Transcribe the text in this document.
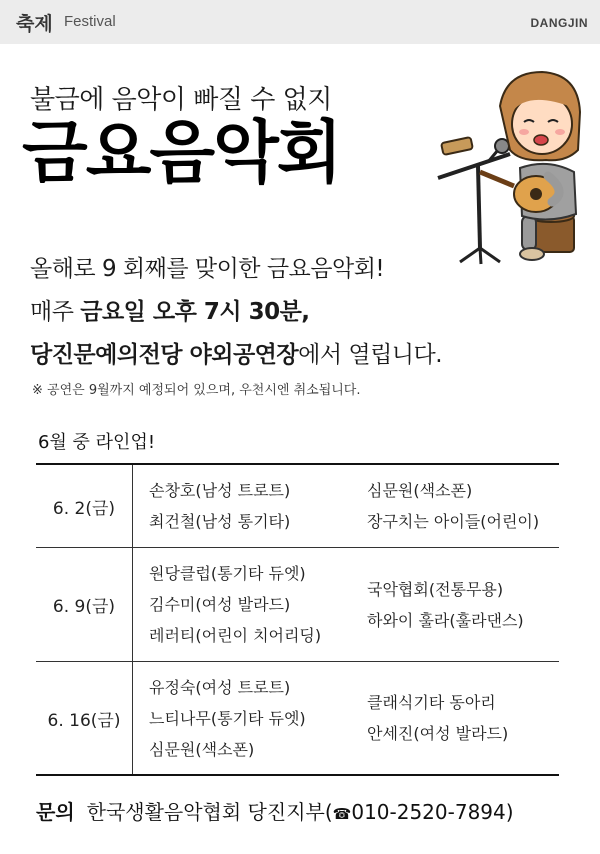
축제 Festival	DANGJIN
불금에 음악이 빠질 수 없지
금요음악회
올해로 9 회째를 맞이한 금요음악회!
매주 금요일 오후 7시 30분,
당진문예의전당 야외공연장에서 열립니다.
※ 공연은 9월까지 예정되어 있으며, 우천시엔 취소됩니다.
6월 중 라인업!
6. 2(금)
손창호(남성 트로트)
최건철(남성 통기타)
심문원(색소폰)
장구치는 아이들(어린이)
6. 9(금)
원당클럽(통기타 듀엣)
김수미(여성 발라드)
레러티(어린이 치어리딩)
국악협회(전통무용)
하와이 훌라(훌라댄스)
6. 16(금)
유정숙(여성 트로트)
느티나무(통기타 듀엣)
심문원(색소폰)
클래식기타 동아리
안세진(여성 발라드)
문의 한국생활음악협회 당진지부(☎010-2520-7894)
